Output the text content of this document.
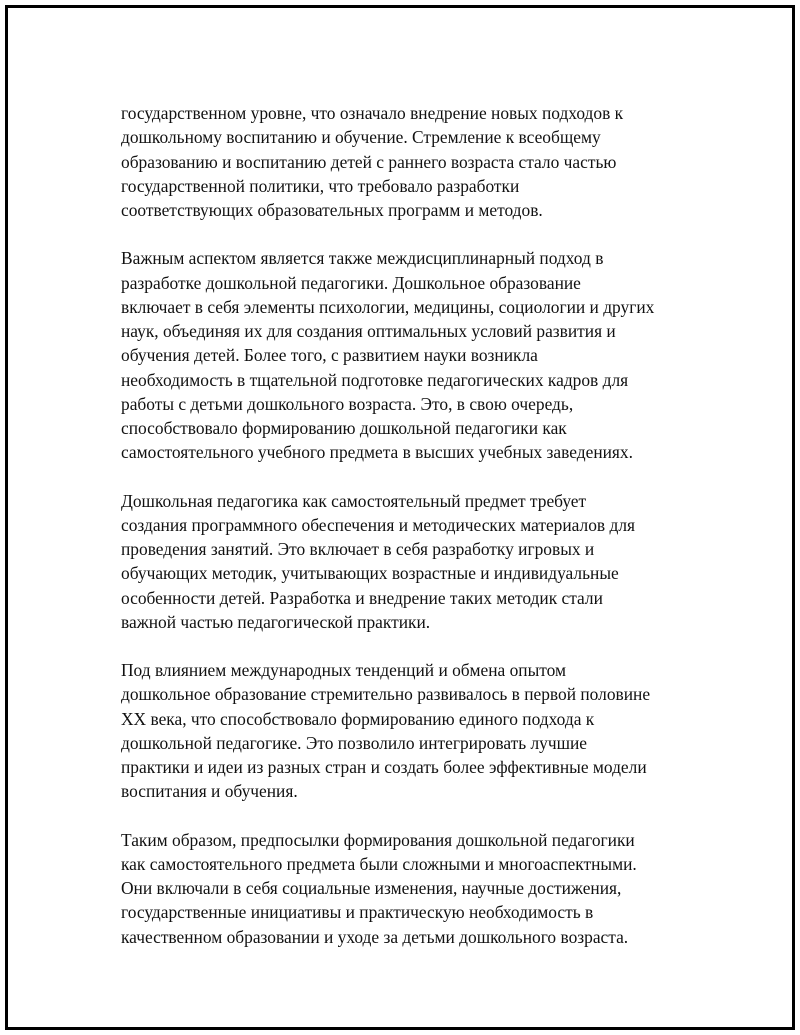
государственном уровне, что означало внедрение новых подходов к
дошкольному воспитанию и обучение. Стремление к всеобщему
образованию и воспитанию детей с раннего возраста стало частью
государственной политики, что требовало разработки
соответствующих образовательных программ и методов.

Важным аспектом является также междисциплинарный подход в
разработке дошкольной педагогики. Дошкольное образование
включает в себя элементы психологии, медицины, социологии и других
наук, объединяя их для создания оптимальных условий развития и
обучения детей. Более того, с развитием науки возникла
необходимость в тщательной подготовке педагогических кадров для
работы с детьми дошкольного возраста. Это, в свою очередь,
способствовало формированию дошкольной педагогики как
самостоятельного учебного предмета в высших учебных заведениях.

Дошкольная педагогика как самостоятельный предмет требует
создания программного обеспечения и методических материалов для
проведения занятий. Это включает в себя разработку игровых и
обучающих методик, учитывающих возрастные и индивидуальные
особенности детей. Разработка и внедрение таких методик стали
важной частью педагогической практики.

Под влиянием международных тенденций и обмена опытом
дошкольное образование стремительно развивалось в первой половине
XX века, что способствовало формированию единого подхода к
дошкольной педагогике. Это позволило интегрировать лучшие
практики и идеи из разных стран и создать более эффективные модели
воспитания и обучения.

Таким образом, предпосылки формирования дошкольной педагогики
как самостоятельного предмета были сложными и многоаспектными.
Они включали в себя социальные изменения, научные достижения,
государственные инициативы и практическую необходимость в
качественном образовании и уходе за детьми дошкольного возраста.
